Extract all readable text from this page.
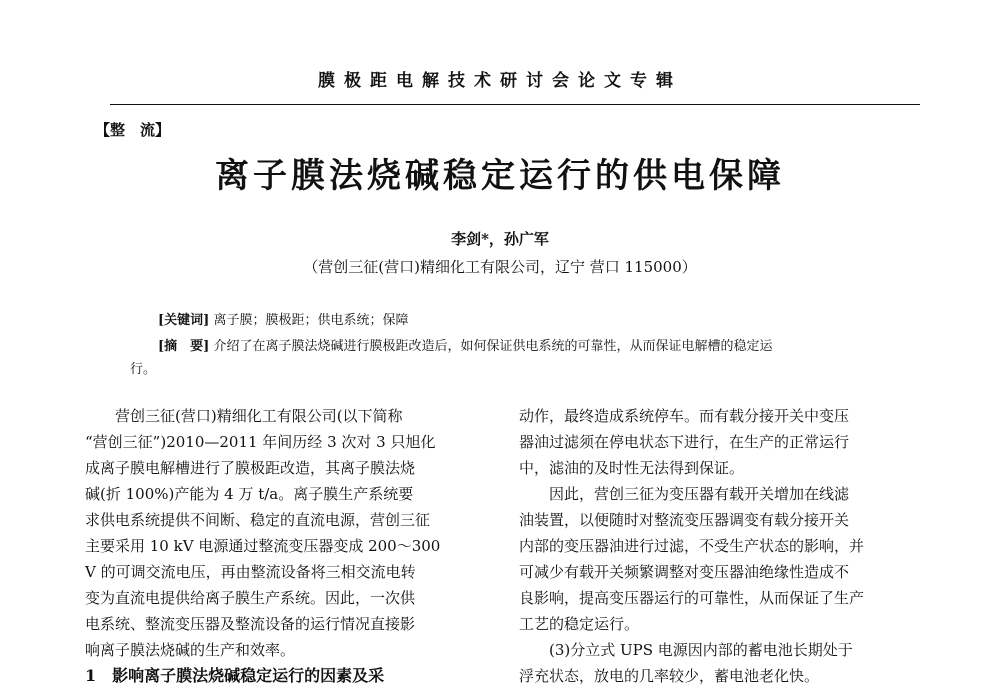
膜极距电解技术研讨会论文专辑
【整　流】
离子膜法烧碱稳定运行的供电保障
李剑*，孙广军
（营创三征(营口)精细化工有限公司，辽宁 营口 115000）
[关键词] 离子膜；膜极距；供电系统；保障
[摘　要] 介绍了在离子膜法烧碱进行膜极距改造后，如何保证供电系统的可靠性，从而保证电解槽的稳定运
行。
营创三征(营口)精细化工有限公司(以下简称
“营创三征”)2010—2011 年间历经 3 次对 3 只旭化
成离子膜电解槽进行了膜极距改造，其离子膜法烧
碱(折 100%)产能为 4 万 t/a。离子膜生产系统要
求供电系统提供不间断、稳定的直流电源，营创三征
主要采用 10 kV 电源通过整流变压器变成 200～300
V 的可调交流电压，再由整流设备将三相交流电转
变为直流电提供给离子膜生产系统。因此，一次供
电系统、整流变压器及整流设备的运行情况直接影
响离子膜法烧碱的生产和效率。
1　影响离子膜法烧碱稳定运行的因素及采
动作，最终造成系统停车。而有载分接开关中变压
器油过滤须在停电状态下进行，在生产的正常运行
中，滤油的及时性无法得到保证。
因此，营创三征为变压器有载开关增加在线滤
油装置，以便随时对整流变压器调变有载分接开关
内部的变压器油进行过滤，不受生产状态的影响，并
可减少有载开关频繁调整对变压器油绝缘性造成不
良影响，提高变压器运行的可靠性，从而保证了生产
工艺的稳定运行。
(3)分立式 UPS 电源因内部的蓄电池长期处于
浮充状态，放电的几率较少，蓄电池老化快。
